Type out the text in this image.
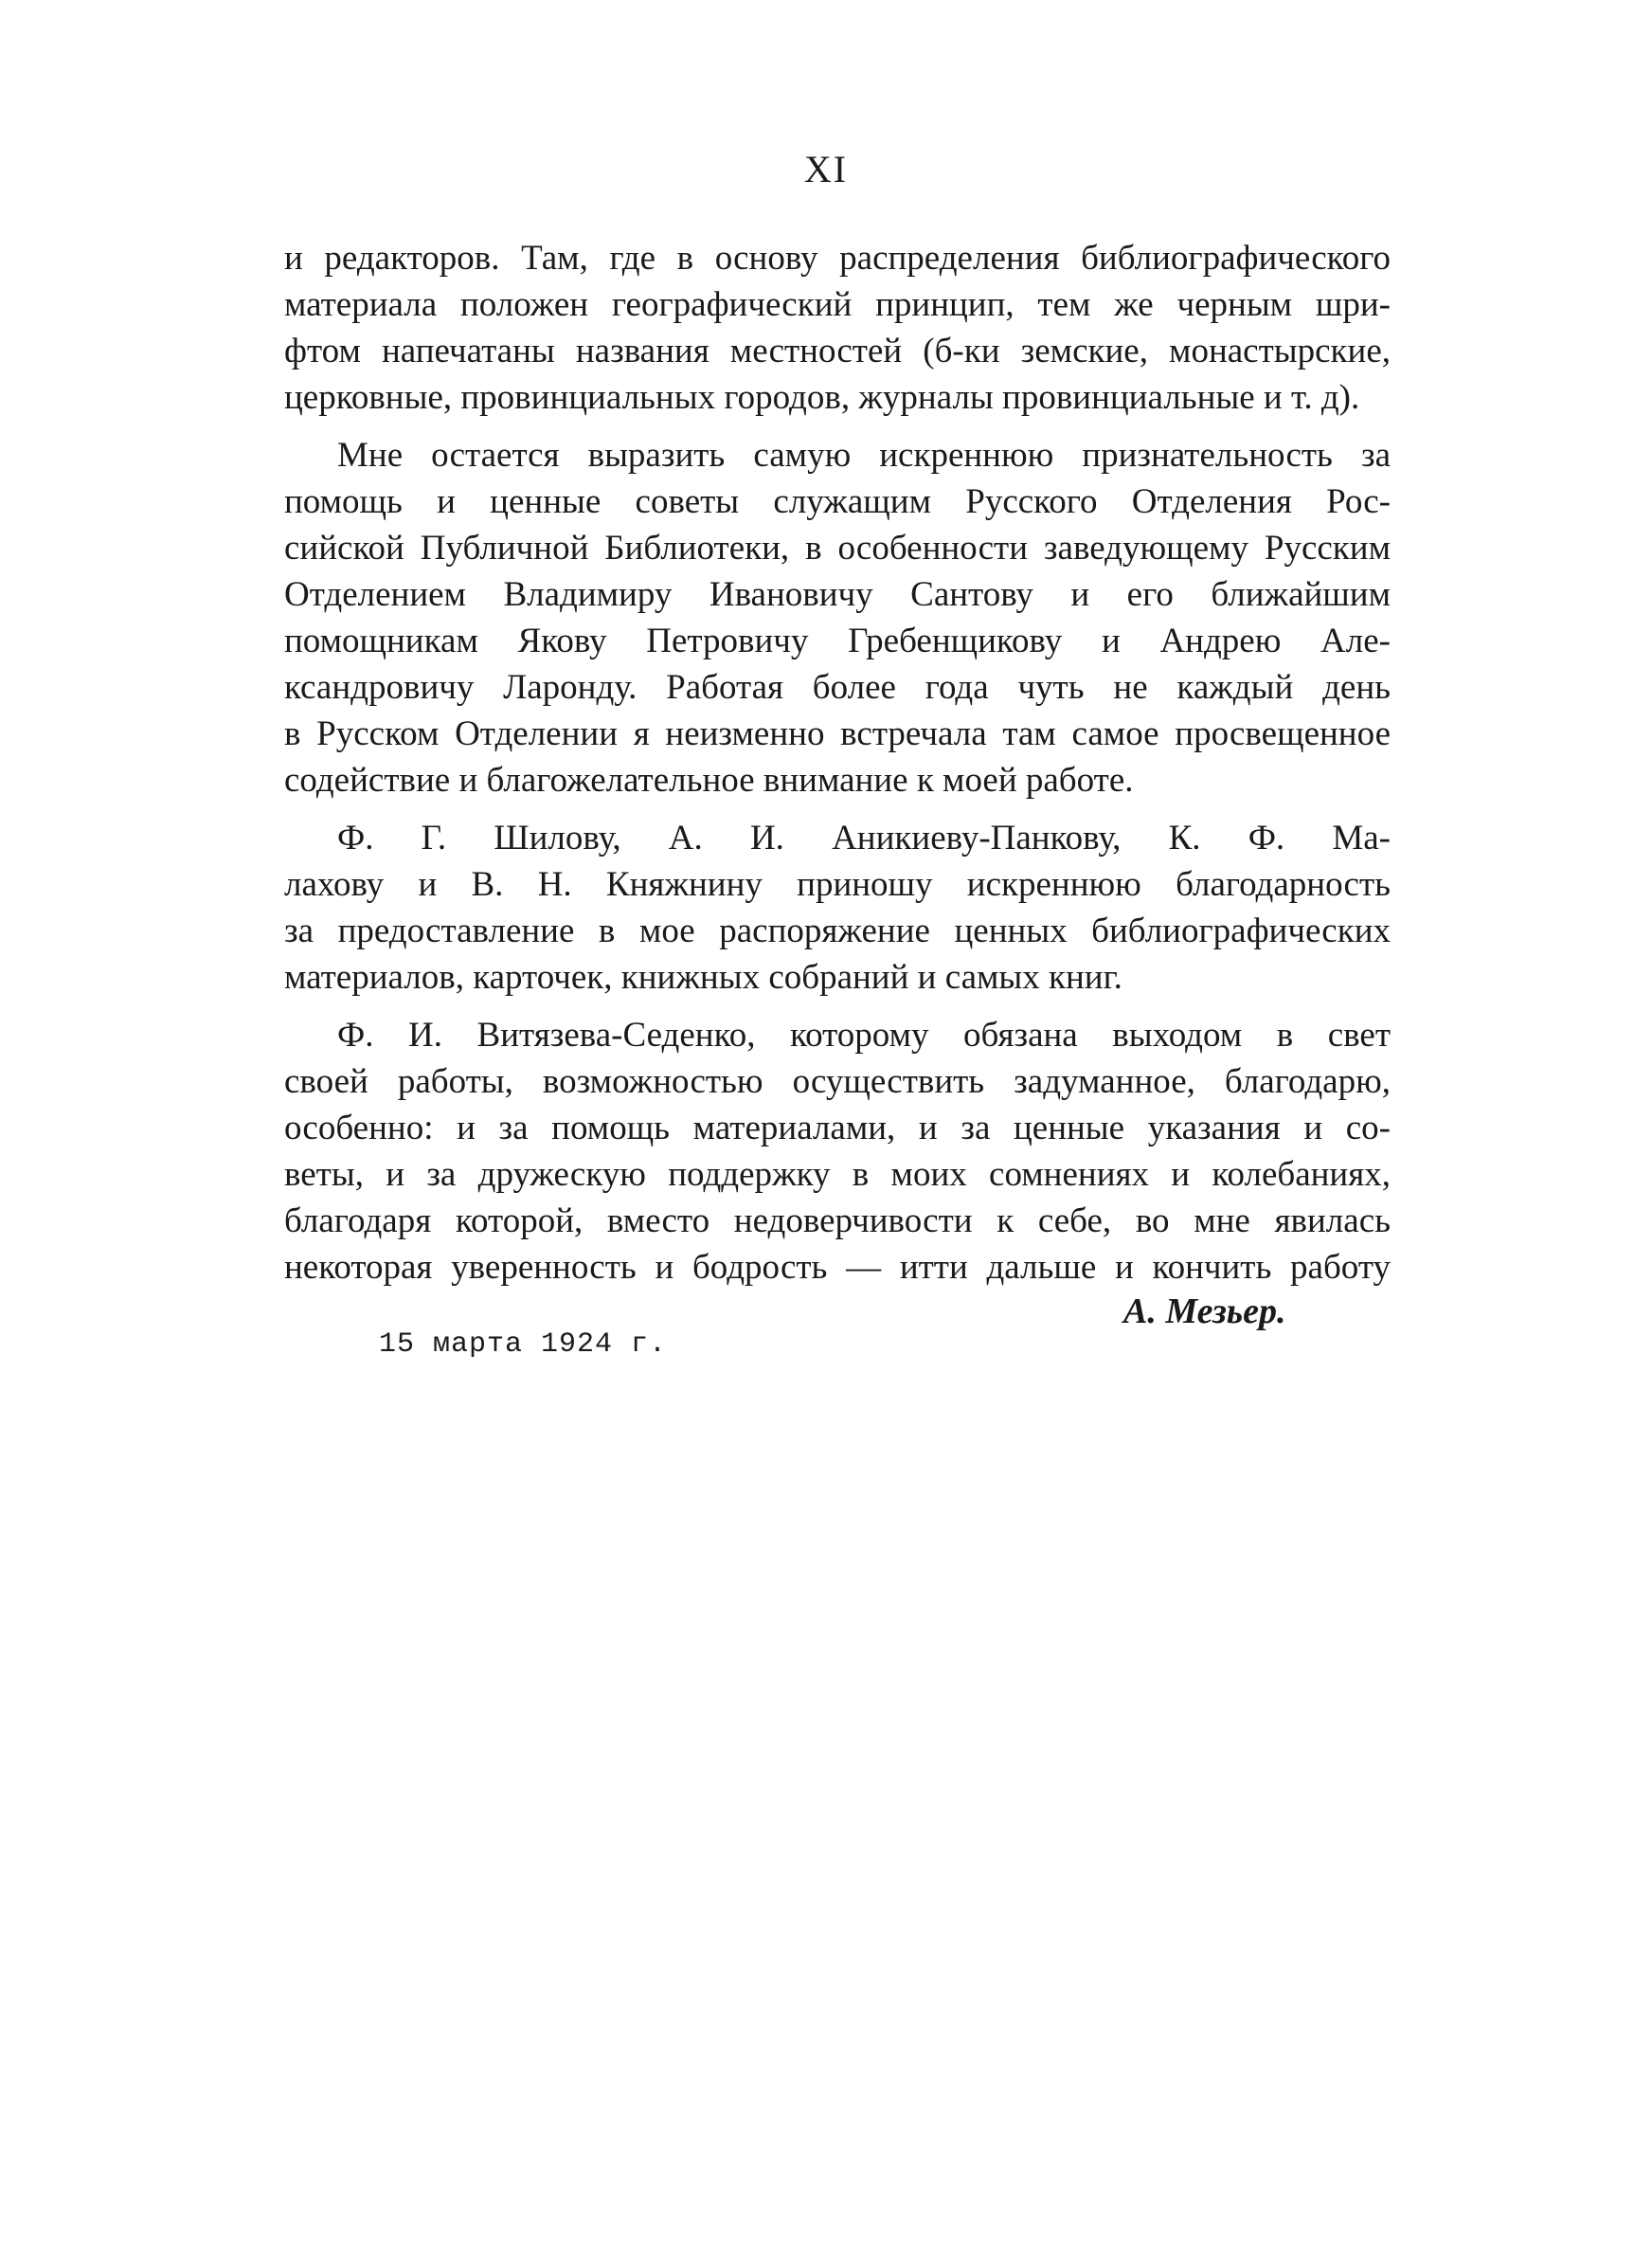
XI
и редакторов. Там, где в основу распределения библиографического
материала положен географический принцип, тем же черным шри-
фтом напечатаны названия местностей (б-ки земские, монастырские,
церковные, провинциальных городов, журналы провинциальные и т. д).
Мне остается выразить самую искреннюю признательность за
помощь и ценные советы служащим Русского Отделения Рос-
сийской Публичной Библиотеки, в особенности заведующему Русским
Отделением Владимиру Ивановичу Сантову и его ближайшим
помощникам Якову Петровичу Гребенщикову и Андрею Але-
ксандровичу Ларонду. Работая более года чуть не каждый день
в Русском Отделении я неизменно встречала там самое просвещенное
содействие и благожелательное внимание к моей работе.
Ф. Г. Шилову, А. И. Аникиеву-Панкову, К. Ф. Ма-
лахову и В. Н. Княжнину приношу искреннюю благодарность
за предоставление в мое распоряжение ценных библиографических
материалов, карточек, книжных собраний и самых книг.
Ф. И. Витязева-Седенко, которому обязана выходом в свет
своей работы, возможностью осуществить задуманное, благодарю,
особенно: и за помощь материалами, и за ценные указания и со-
веты, и за дружескую поддержку в моих сомнениях и колебаниях,
благодаря которой, вместо недоверчивости к себе, во мне явилась
некоторая уверенность и бодрость — итти дальше и кончить работу
А. Мезьер.
15 марта 1924 г.
